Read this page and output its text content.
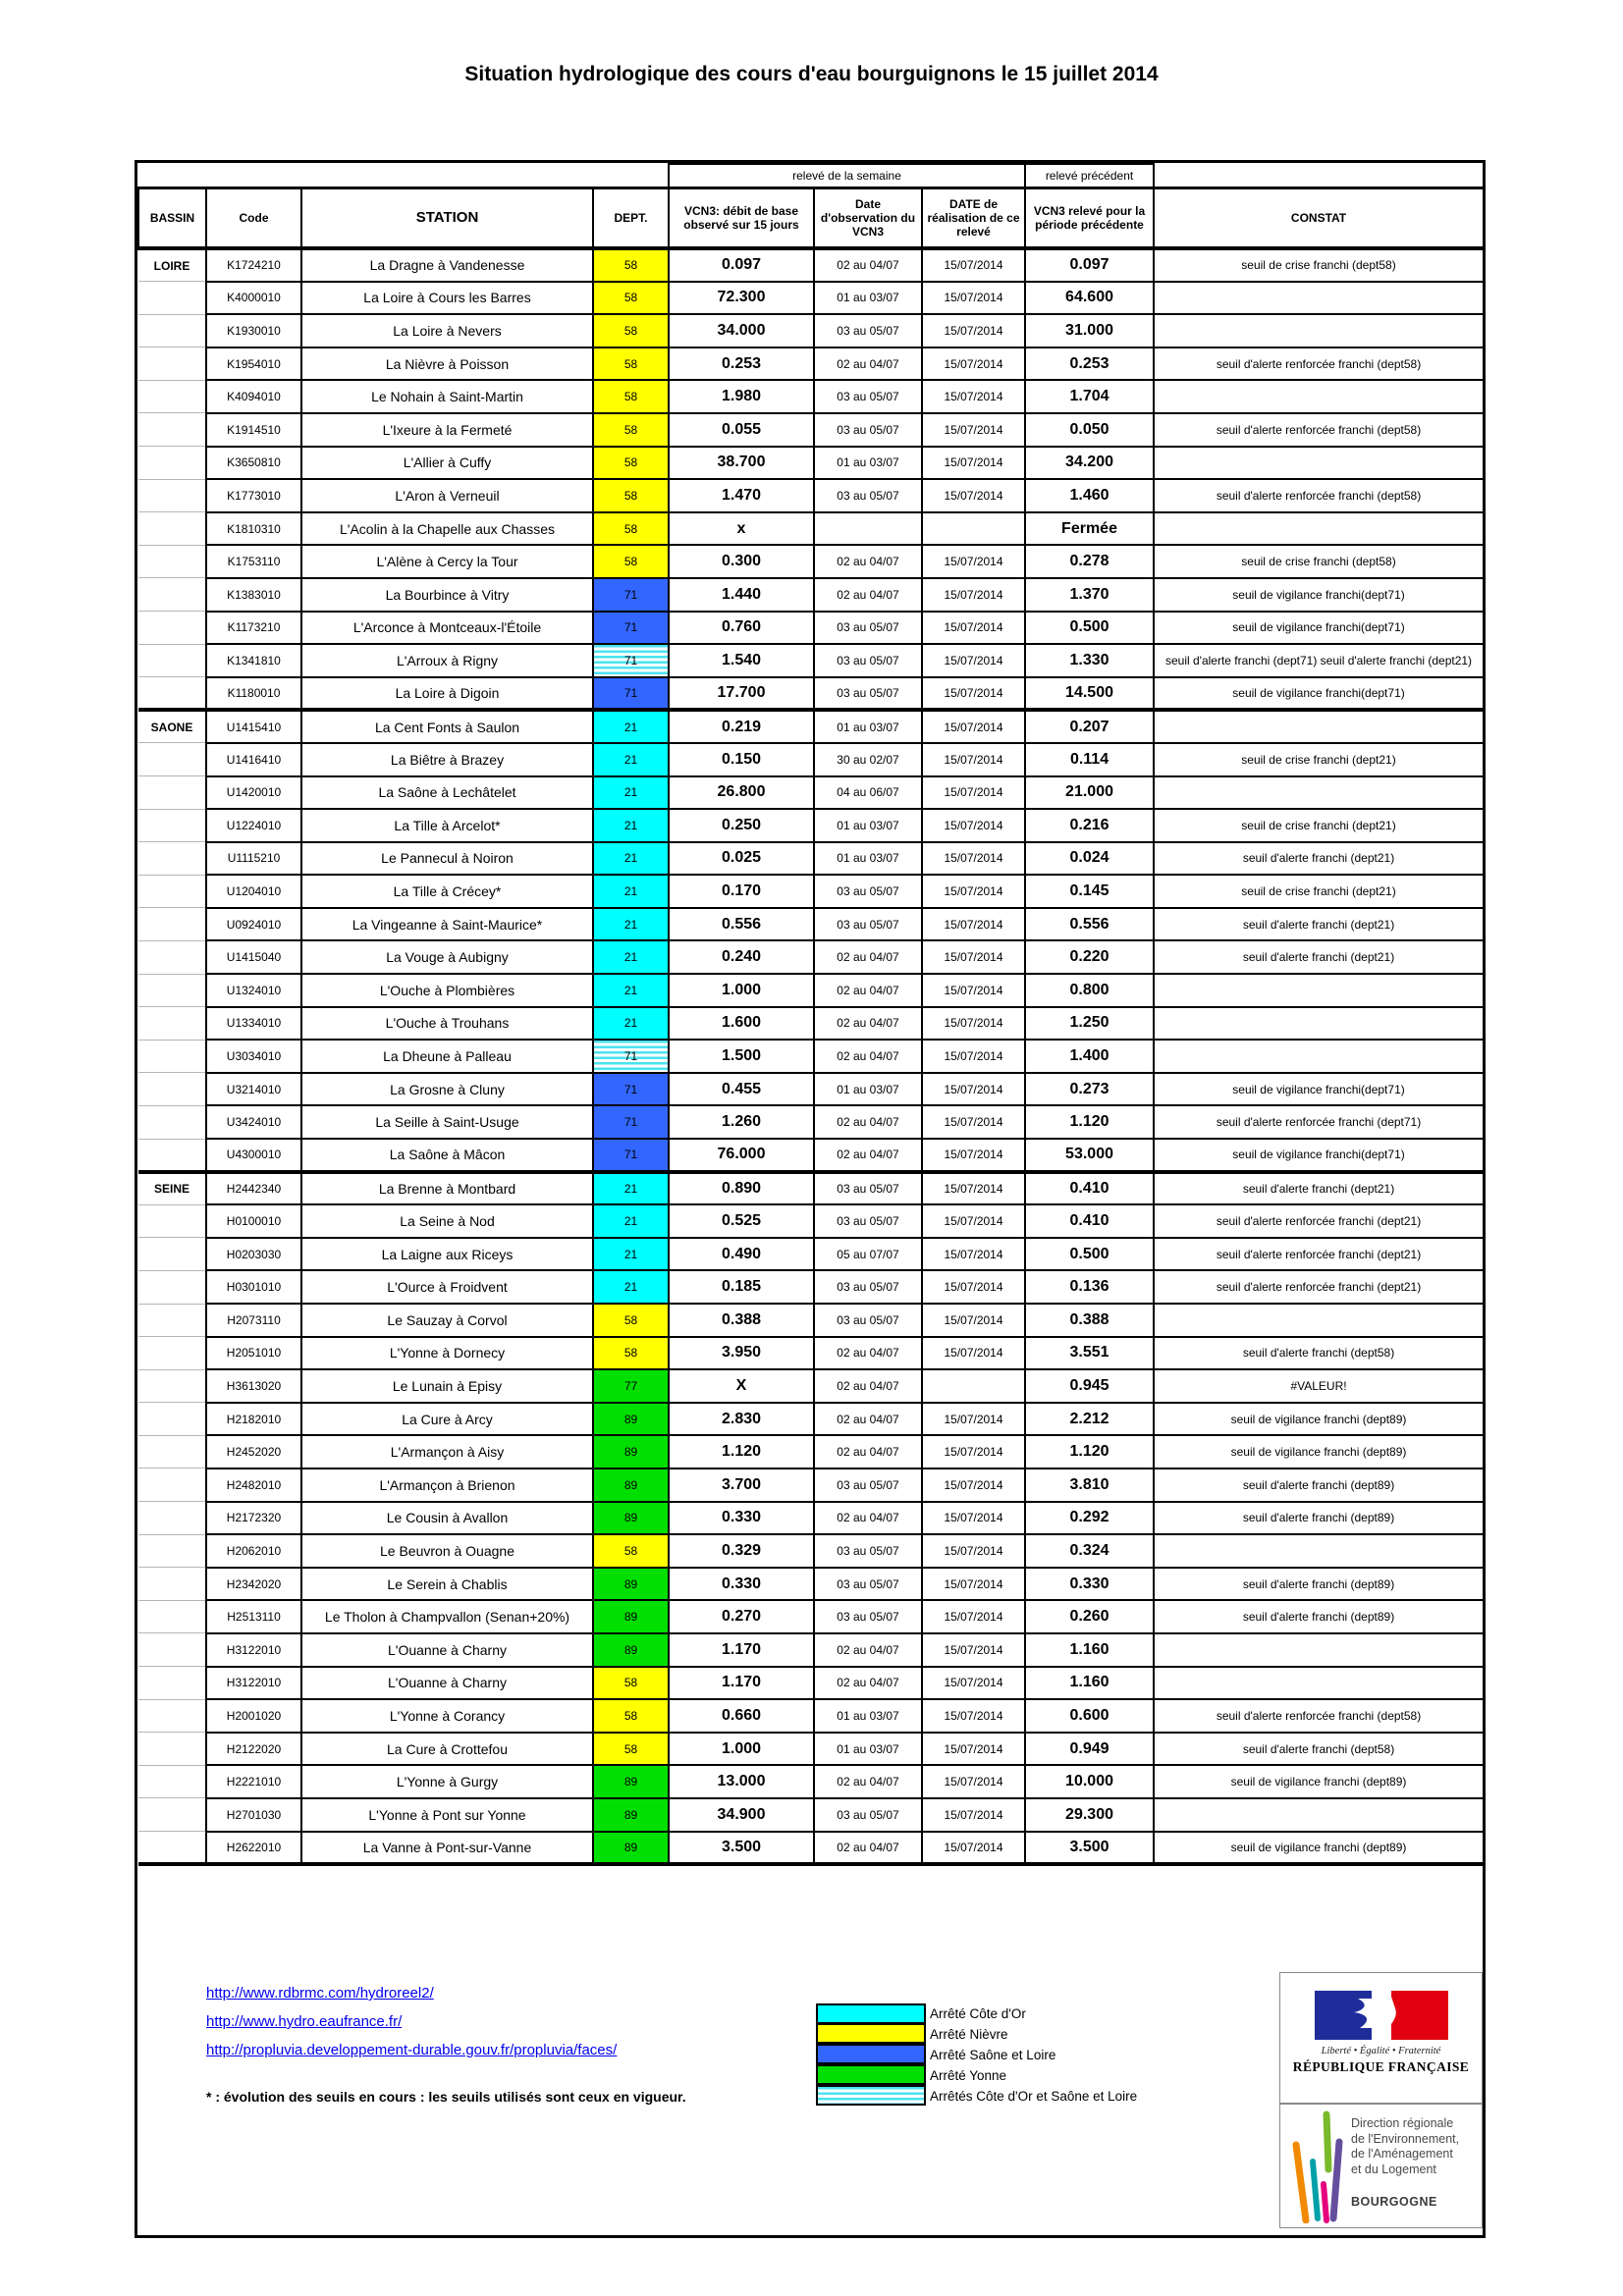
Situation hydrologique des cours d'eau bourguignons le 15 juillet 2014
				relevé de la semaine			relevé précédent	
BASSIN	Code	STATION	DEPT.	VCN3: débit de base observé sur 15 jours	Date d'observation du VCN3	DATE de réalisation de ce relevé	VCN3 relevé pour la période précédente	CONSTAT
LOIRE	K1724210	La Dragne à Vandenesse	58	0.097	02 au 04/07	15/07/2014	0.097	seuil de crise franchi (dept58)
	K4000010	La Loire à Cours les Barres	58	72.300	01 au 03/07	15/07/2014	64.600	
	K1930010	La Loire à Nevers	58	34.000	03 au 05/07	15/07/2014	31.000	
	K1954010	La Nièvre à Poisson	58	0.253	02 au 04/07	15/07/2014	0.253	seuil d'alerte renforcée franchi (dept58)
	K4094010	Le Nohain à Saint-Martin	58	1.980	03 au 05/07	15/07/2014	1.704	
	K1914510	L'Ixeure à la Fermeté	58	0.055	03 au 05/07	15/07/2014	0.050	seuil d'alerte renforcée franchi (dept58)
	K3650810	L'Allier à Cuffy	58	38.700	01 au 03/07	15/07/2014	34.200	
	K1773010	L'Aron à Verneuil	58	1.470	03 au 05/07	15/07/2014	1.460	seuil d'alerte renforcée franchi (dept58)
	K1810310	L'Acolin à la Chapelle aux Chasses	58	x			Fermée	
	K1753110	L'Alène à Cercy la Tour	58	0.300	02 au 04/07	15/07/2014	0.278	seuil de crise franchi (dept58)
	K1383010	La Bourbince à Vitry	71	1.440	02 au 04/07	15/07/2014	1.370	seuil de vigilance franchi(dept71)
	K1173210	L'Arconce à Montceaux-l'Étoile	71	0.760	03 au 05/07	15/07/2014	0.500	seuil de vigilance franchi(dept71)
	K1341810	L'Arroux à Rigny	71	1.540	03 au 05/07	15/07/2014	1.330	seuil d'alerte franchi (dept71) seuil d'alerte franchi (dept21)
	K1180010	La Loire à Digoin	71	17.700	03 au 05/07	15/07/2014	14.500	seuil de vigilance franchi(dept71)
SAONE	U1415410	La Cent Fonts à Saulon	21	0.219	01 au 03/07	15/07/2014	0.207	
	U1416410	La Biêtre à Brazey	21	0.150	30 au 02/07	15/07/2014	0.114	seuil de crise franchi (dept21)
	U1420010	La Saône à Lechâtelet	21	26.800	04 au 06/07	15/07/2014	21.000	
	U1224010	La Tille à Arcelot*	21	0.250	01 au 03/07	15/07/2014	0.216	seuil de crise franchi (dept21)
	U1115210	Le Pannecul à Noiron	21	0.025	01 au 03/07	15/07/2014	0.024	seuil d'alerte franchi (dept21)
	U1204010	La Tille à Crécey*	21	0.170	03 au 05/07	15/07/2014	0.145	seuil de crise franchi (dept21)
	U0924010	La Vingeanne à Saint-Maurice*	21	0.556	03 au 05/07	15/07/2014	0.556	seuil d'alerte franchi (dept21)
	U1415040	La Vouge à Aubigny	21	0.240	02 au 04/07	15/07/2014	0.220	seuil d'alerte franchi (dept21)
	U1324010	L'Ouche à Plombières	21	1.000	02 au 04/07	15/07/2014	0.800	
	U1334010	L'Ouche à Trouhans	21	1.600	02 au 04/07	15/07/2014	1.250	
	U3034010	La Dheune à Palleau	71	1.500	02 au 04/07	15/07/2014	1.400	
	U3214010	La Grosne à Cluny	71	0.455	01 au 03/07	15/07/2014	0.273	seuil de vigilance franchi(dept71)
	U3424010	La Seille à Saint-Usuge	71	1.260	02 au 04/07	15/07/2014	1.120	seuil d'alerte renforcée franchi (dept71)
	U4300010	La Saône à Mâcon	71	76.000	02 au 04/07	15/07/2014	53.000	seuil de vigilance franchi(dept71)
SEINE	H2442340	La Brenne à Montbard	21	0.890	03 au 05/07	15/07/2014	0.410	seuil d'alerte franchi (dept21)
	H0100010	La Seine à Nod	21	0.525	03 au 05/07	15/07/2014	0.410	seuil d'alerte renforcée franchi (dept21)
	H0203030	La Laigne aux Riceys	21	0.490	05 au 07/07	15/07/2014	0.500	seuil d'alerte renforcée franchi (dept21)
	H0301010	L'Ource à Froidvent	21	0.185	03 au 05/07	15/07/2014	0.136	seuil d'alerte renforcée franchi (dept21)
	H2073110	Le Sauzay à Corvol	58	0.388	03 au 05/07	15/07/2014	0.388	
	H2051010	L'Yonne à Dornecy	58	3.950	02 au 04/07	15/07/2014	3.551	seuil d'alerte franchi (dept58)
	H3613020	Le Lunain à Episy	77	X	02 au 04/07		0.945	#VALEUR!
	H2182010	La Cure à Arcy	89	2.830	02 au 04/07	15/07/2014	2.212	seuil de vigilance franchi (dept89)
	H2452020	L'Armançon à Aisy	89	1.120	02 au 04/07	15/07/2014	1.120	seuil de vigilance franchi (dept89)
	H2482010	L'Armançon à Brienon	89	3.700	03 au 05/07	15/07/2014	3.810	seuil d'alerte franchi (dept89)
	H2172320	Le Cousin à Avallon	89	0.330	02 au 04/07	15/07/2014	0.292	seuil d'alerte franchi (dept89)
	H2062010	Le Beuvron à Ouagne	58	0.329	03 au 05/07	15/07/2014	0.324	
	H2342020	Le Serein à Chablis	89	0.330	03 au 05/07	15/07/2014	0.330	seuil d'alerte franchi (dept89)
	H2513110	Le Tholon à Champvallon (Senan+20%)	89	0.270	03 au 05/07	15/07/2014	0.260	seuil d'alerte franchi (dept89)
	H3122010	L'Ouanne à Charny	89	1.170	02 au 04/07	15/07/2014	1.160	
	H3122010	L'Ouanne à Charny	58	1.170	02 au 04/07	15/07/2014	1.160	
	H2001020	L'Yonne à Corancy	58	0.660	01 au 03/07	15/07/2014	0.600	seuil d'alerte renforcée franchi (dept58)
	H2122020	La Cure à Crottefou	58	1.000	01 au 03/07	15/07/2014	0.949	seuil d'alerte franchi (dept58)
	H2221010	L'Yonne à Gurgy	89	13.000	02 au 04/07	15/07/2014	10.000	seuil de vigilance franchi (dept89)
	H2701030	L'Yonne à Pont sur Yonne	89	34.900	03 au 05/07	15/07/2014	29.300	
	H2622010	La Vanne à Pont-sur-Vanne	89	3.500	02 au 04/07	15/07/2014	3.500	seuil de vigilance franchi (dept89)
http://www.rdbrmc.com/hydroreel2/
http://www.hydro.eaufrance.fr/
http://propluvia.developpement-durable.gouv.fr/propluvia/faces/
* : évolution des seuils en cours : les seuils utilisés sont ceux en vigueur.
Arrêté Côte d'Or
Arrêté Nièvre
Arrêté Saône et Loire
Arrêté Yonne
Arrêtés Côte d'Or et Saône et Loire
Liberté • Égalité • Fraternité
RÉPUBLIQUE FRANÇAISE
Direction régionale
de l'Environnement,
de l'Aménagement
et du Logement
BOURGOGNE
